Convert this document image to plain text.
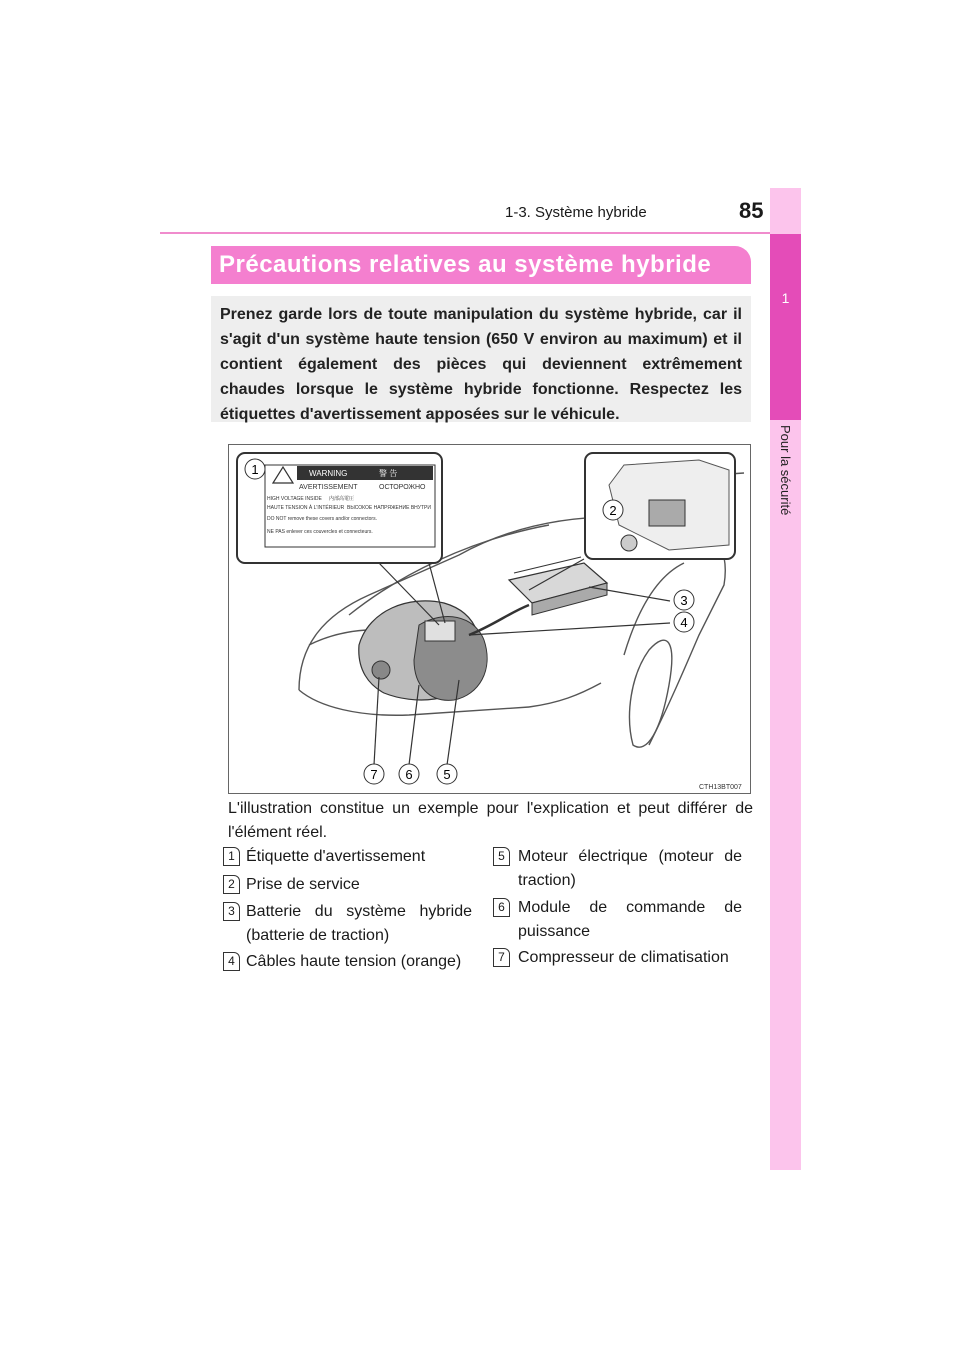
1-3. Système hybride	85
1
Pour la sécurité
Précautions relatives au système hybride
Prenez garde lors de toute manipulation du système hybride, car il s'agit d'un système haute tension (650 V environ au maximum) et il contient également des pièces qui deviennent extrêmement chaudes lorsque le système hybride fonctionne. Respectez les étiquettes d'avertissement apposées sur le véhicule.
WARNING	警 告
AVERTISSEMENT	ОСТОРОЖНО
HIGH VOLTAGE INSIDE 内部高電圧
HAUTE TENSION À L'INTÉRIEUR ВЫСОКОЕ НАПРЯЖЕНИЕ ВНУТРИ
DO NOT remove these covers and/or connectors.
NE PAS enlever ces couvercles et connecteurs.
1
2
3
4
5
6
7
CTH13BT007
L'illustration constitue un exemple pour l'explication et peut différer de l'élément réel.
1 Étiquette d'avertissement
2 Prise de service
3 Batterie du système hybride (batterie de traction)
4 Câbles haute tension (orange)
5 Moteur électrique (moteur de traction)
6 Module de commande de puissance
7 Compresseur de climatisation
